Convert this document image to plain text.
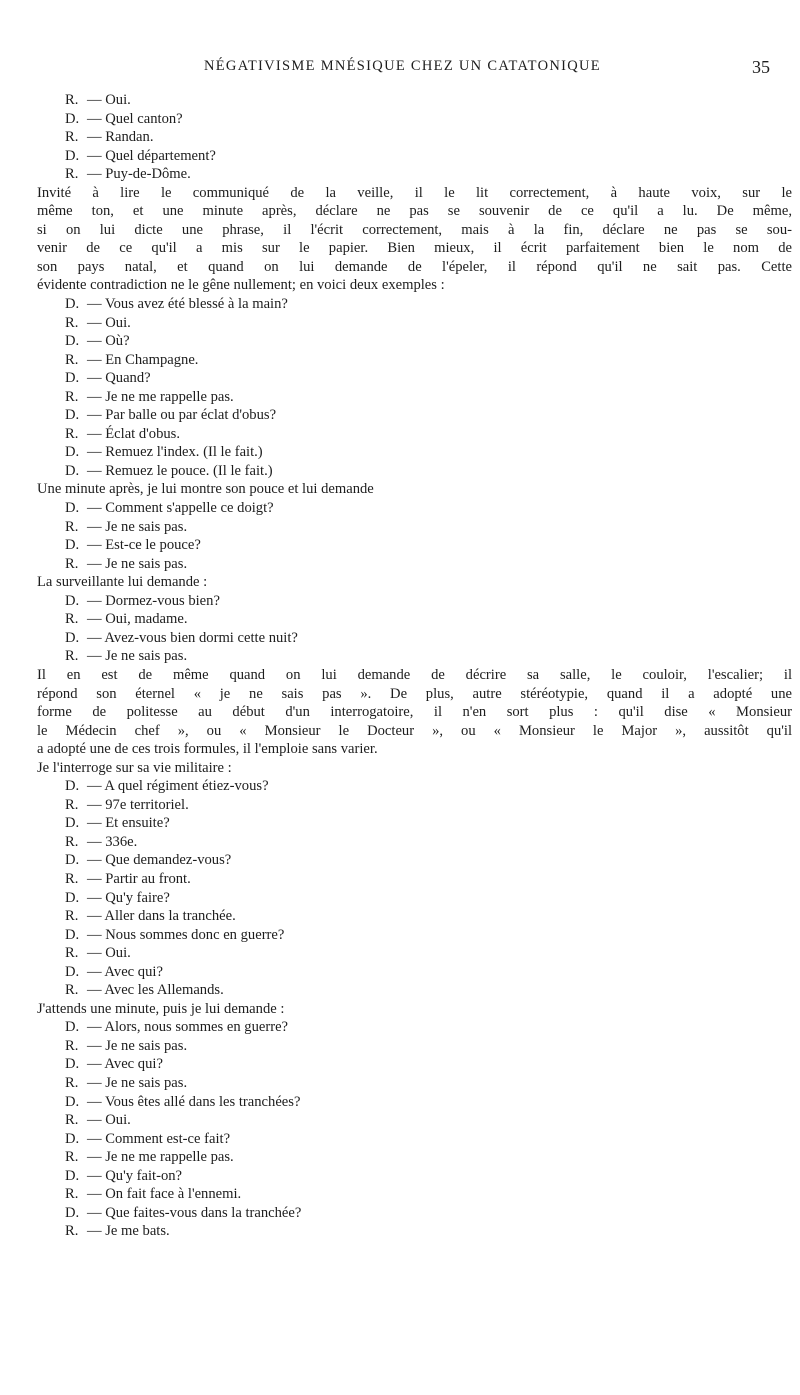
NÉGATIVISME MNÉSIQUE CHEZ UN CATATONIQUE	35
R. — Oui.
D. — Quel canton?
R. — Randan.
D. — Quel département?
R. — Puy-de-Dôme.
Invité à lire le communiqué de la veille, il le lit correctement, à haute voix, sur le
même ton, et une minute après, déclare ne pas se souvenir de ce qu'il a lu. De même,
si on lui dicte une phrase, il l'écrit correctement, mais à la fin, déclare ne pas se sou-
venir de ce qu'il a mis sur le papier. Bien mieux, il écrit parfaitement bien le nom de
son pays natal, et quand on lui demande de l'épeler, il répond qu'il ne sait pas. Cette
évidente contradiction ne le gêne nullement; en voici deux exemples :
D. — Vous avez été blessé à la main?
R. — Oui.
D. — Où?
R. — En Champagne.
D. — Quand?
R. — Je ne me rappelle pas.
D. — Par balle ou par éclat d'obus?
R. — Éclat d'obus.
D. — Remuez l'index. (Il le fait.)
D. — Remuez le pouce. (Il le fait.)
Une minute après, je lui montre son pouce et lui demande
D. — Comment s'appelle ce doigt?
R. — Je ne sais pas.
D. — Est-ce le pouce?
R. — Je ne sais pas.
La surveillante lui demande :
D. — Dormez-vous bien?
R. — Oui, madame.
D. — Avez-vous bien dormi cette nuit?
R. — Je ne sais pas.
Il en est de même quand on lui demande de décrire sa salle, le couloir, l'escalier; il
répond son éternel « je ne sais pas ». De plus, autre stéréotypie, quand il a adopté une
forme de politesse au début d'un interrogatoire, il n'en sort plus : qu'il dise « Monsieur
le Médecin chef », ou « Monsieur le Docteur », ou « Monsieur le Major », aussitôt qu'il
a adopté une de ces trois formules, il l'emploie sans varier.
Je l'interroge sur sa vie militaire :
D. — A quel régiment étiez-vous?
R. — 97e territoriel.
D. — Et ensuite?
R. — 336e.
D. — Que demandez-vous?
R. — Partir au front.
D. — Qu'y faire?
R. — Aller dans la tranchée.
D. — Nous sommes donc en guerre?
R. — Oui.
D. — Avec qui?
R. — Avec les Allemands.
J'attends une minute, puis je lui demande :
D. — Alors, nous sommes en guerre?
R. — Je ne sais pas.
D. — Avec qui?
R. — Je ne sais pas.
D. — Vous êtes allé dans les tranchées?
R. — Oui.
D. — Comment est-ce fait?
R. — Je ne me rappelle pas.
D. — Qu'y fait-on?
R. — On fait face à l'ennemi.
D. — Que faites-vous dans la tranchée?
R. — Je me bats.
